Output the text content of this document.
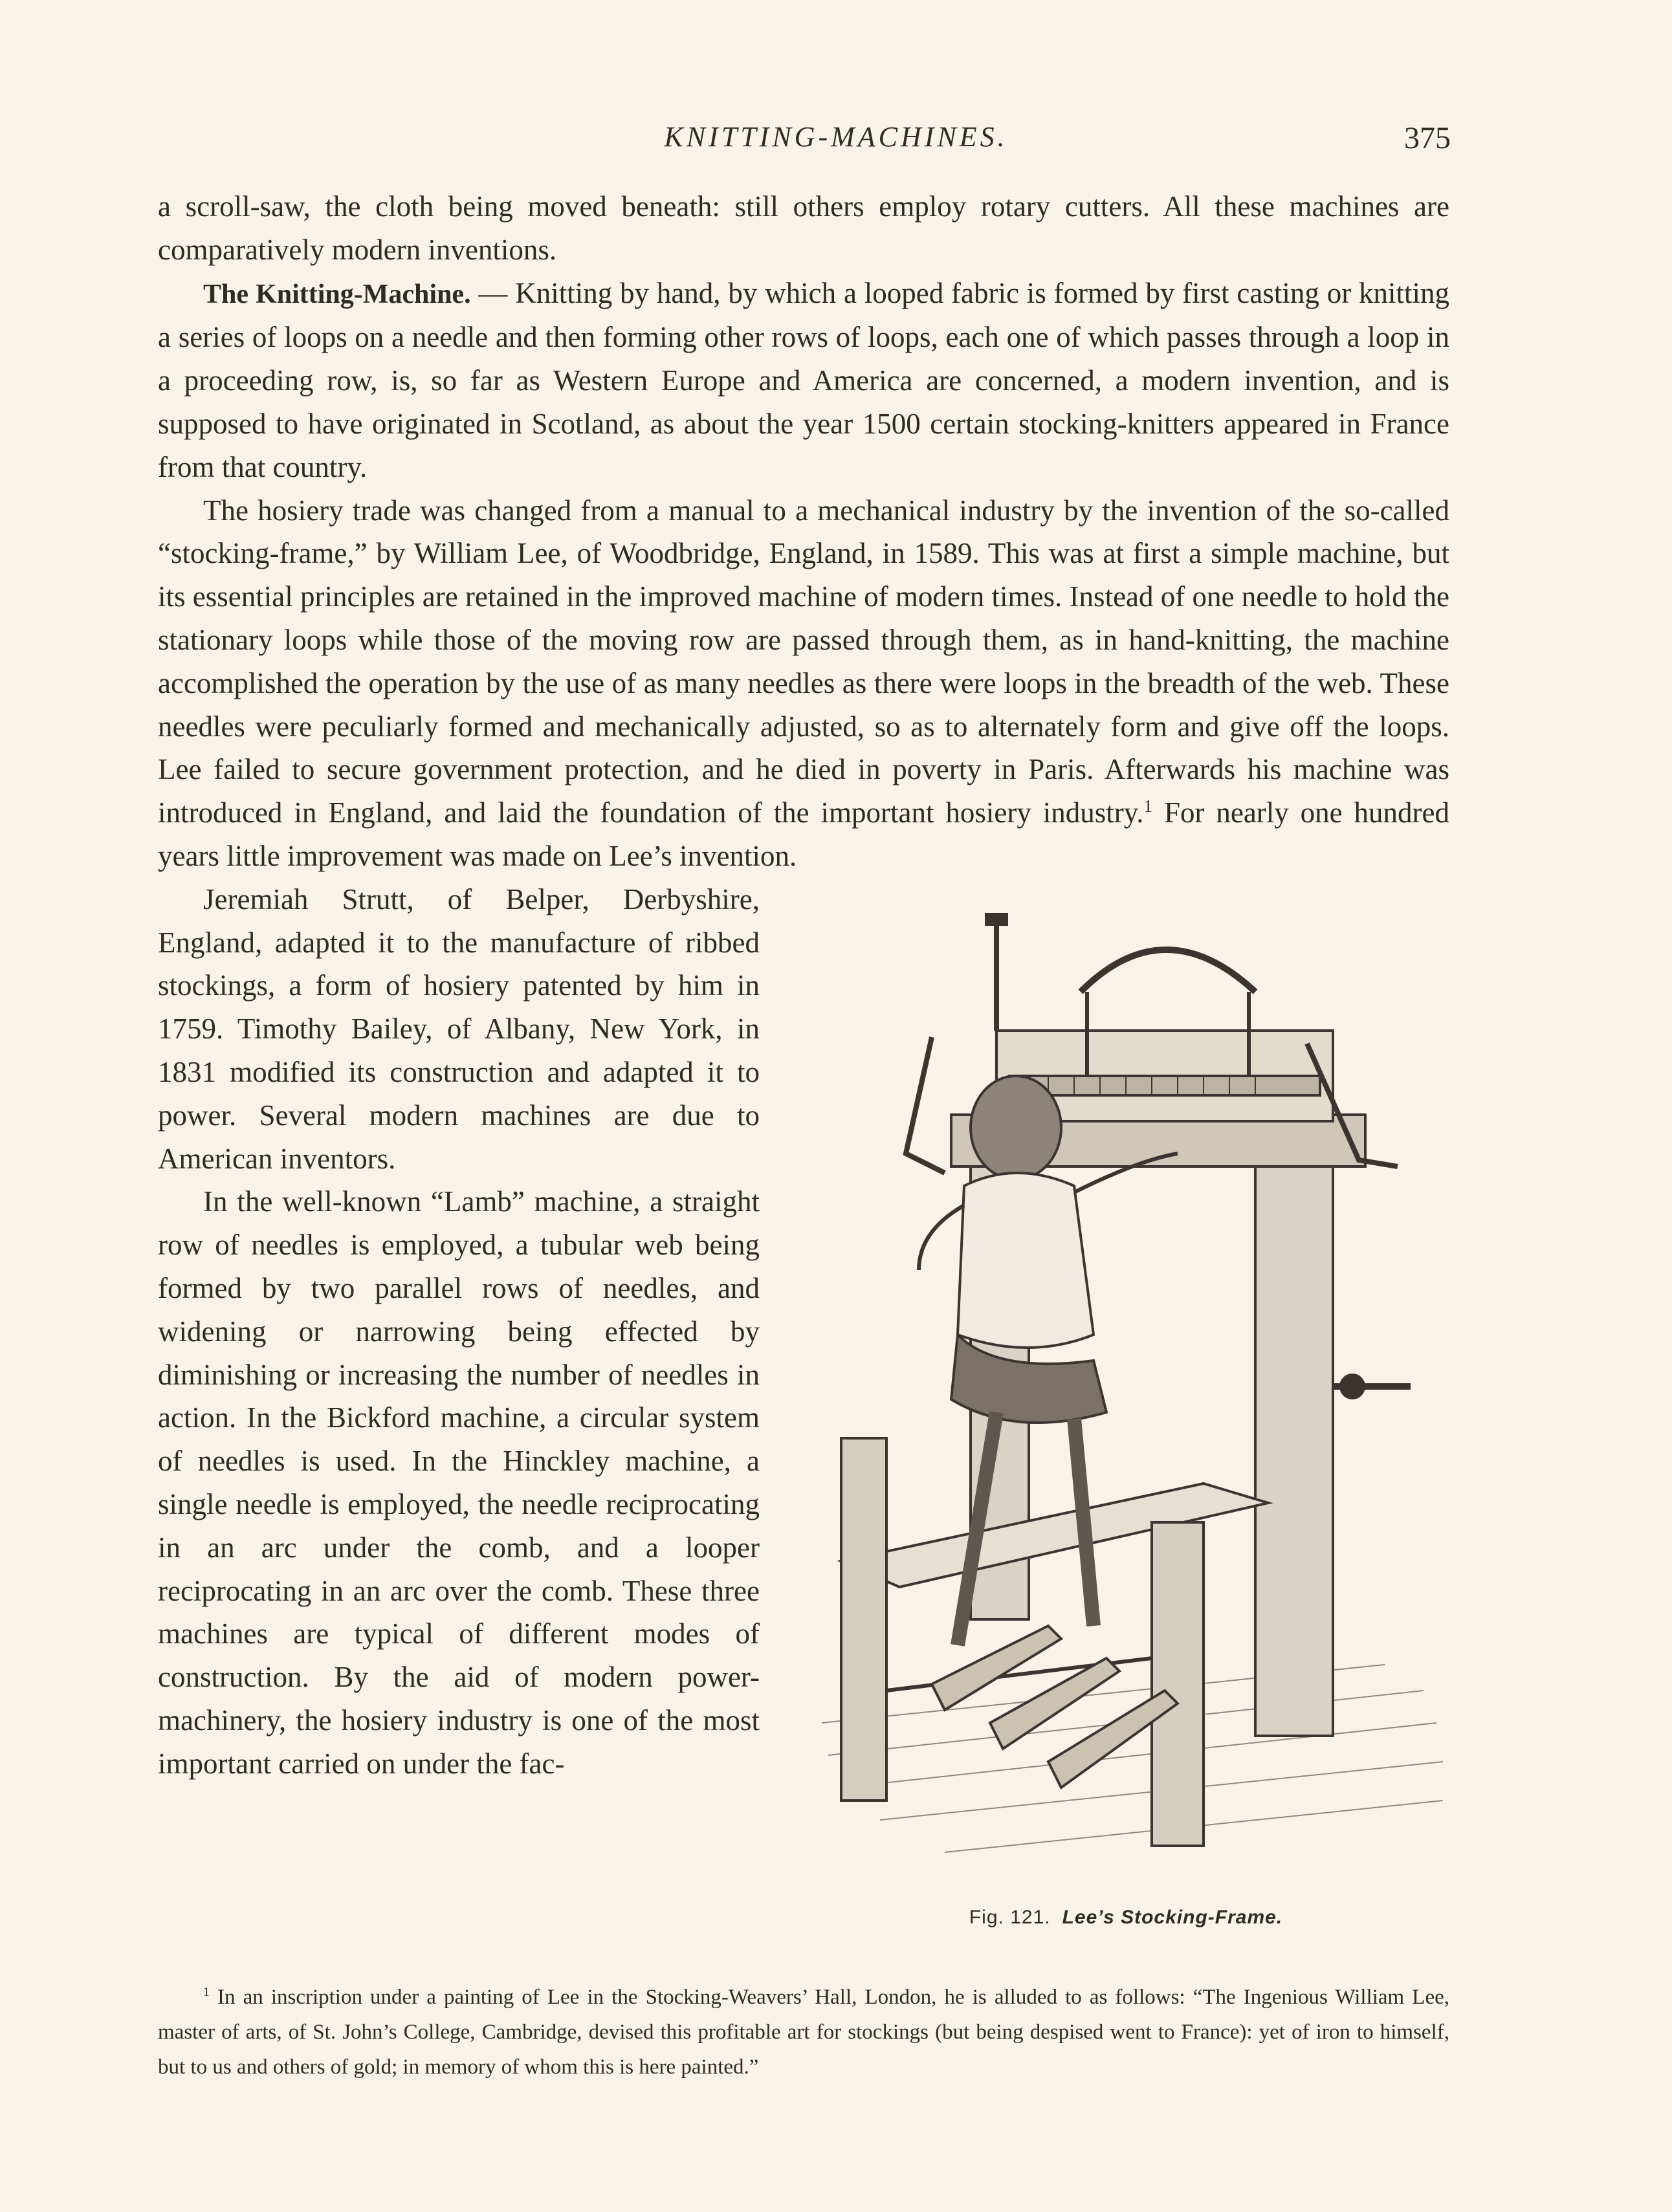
KNITTING-MACHINES.	375

a scroll-saw, the cloth being moved beneath: still others employ rotary cutters. All these machines are comparatively modern inventions.

The Knitting-Machine. — Knitting by hand, by which a looped fabric is formed by first casting or knitting a series of loops on a needle and then forming other rows of loops, each one of which passes through a loop in a proceeding row, is, so far as Western Europe and America are concerned, a modern invention, and is supposed to have originated in Scotland, as about the year 1500 certain stocking-knitters appeared in France from that country.

The hosiery trade was changed from a manual to a mechanical industry by the invention of the so-called “stocking-frame,” by William Lee, of Woodbridge, England, in 1589. This was at first a simple machine, but its essential principles are retained in the improved machine of modern times. Instead of one needle to hold the stationary loops while those of the moving row are passed through them, as in hand-knitting, the machine accomplished the operation by the use of as many needles as there were loops in the breadth of the web. These needles were peculiarly formed and mechanically adjusted, so as to alternately form and give off the loops. Lee failed to secure government protection, and he died in poverty in Paris. Afterwards his machine was introduced in England, and laid the foundation of the important hosiery industry.$^1$ For nearly one hundred years little improvement was made on Lee’s invention.

Fig. 121. Lee’s Stocking-Frame.

Jeremiah Strutt, of Belper, Derbyshire, England, adapted it to the manufacture of ribbed stockings, a form of hosiery patented by him in 1759. Timothy Bailey, of Albany, New York, in 1831 modified its construction and adapted it to power. Several modern machines are due to American inventors.

In the well-known “Lamb” machine, a straight row of needles is employed, a tubular web being formed by two parallel rows of needles, and widening or narrowing being effected by diminishing or increasing the number of needles in action. In the Bickford machine, a circular system of needles is used. In the Hinckley machine, a single needle is employed, the needle reciprocating in an arc under the comb, and a looper reciprocating in an arc over the comb. These three machines are typical of different modes of construction. By the aid of modern power-machinery, the hosiery industry is one of the most important carried on under the fac-

$^1$ In an inscription under a painting of Lee in the Stocking-Weavers’ Hall, London, he is alluded to as follows: “The Ingenious William Lee, master of arts, of St. John’s College, Cambridge, devised this profitable art for stockings (but being despised went to France): yet of iron to himself, but to us and others of gold; in memory of whom this is here painted.”
